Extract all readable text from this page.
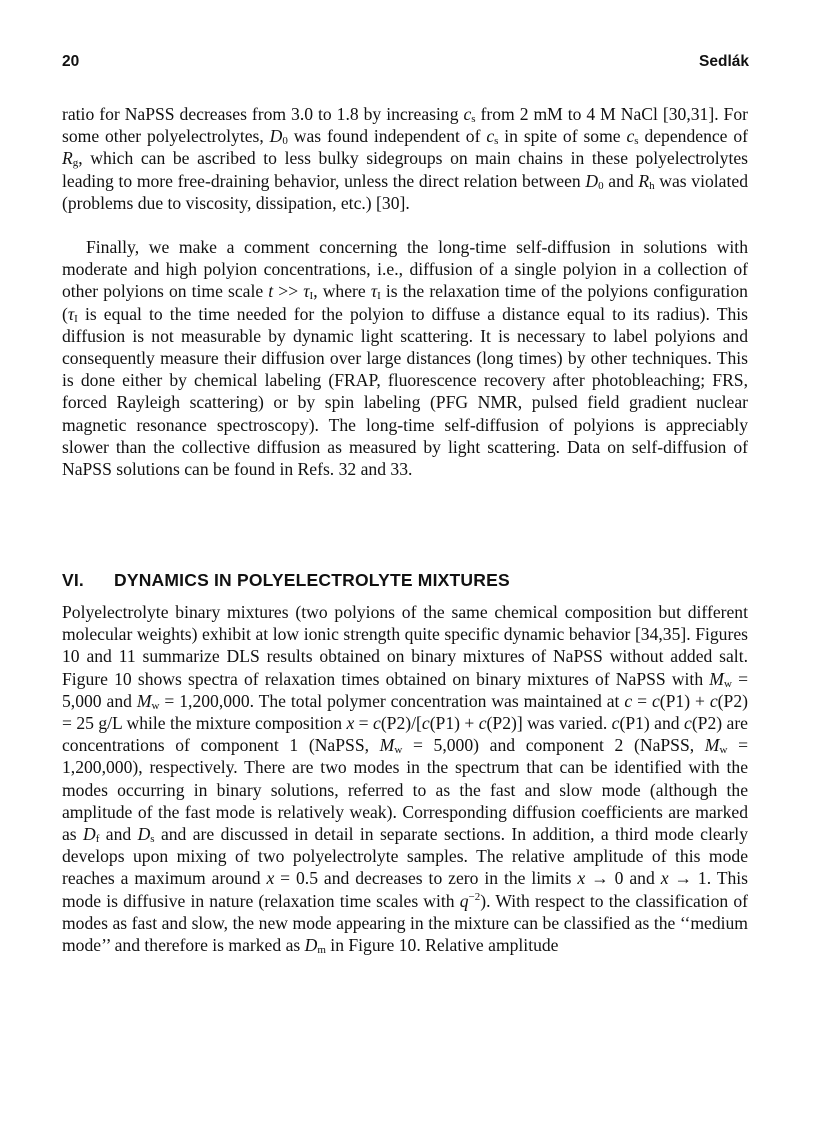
20	Sedlák

ratio for NaPSS decreases from 3.0 to 1.8 by increasing $c_s$ from 2 mM to 4 M NaCl [30,31]. For some other polyelectrolytes, $D_0$ was found independent of $c_s$ in spite of some $c_s$ dependence of $R_g$, which can be ascribed to less bulky sidegroups on main chains in these polyelectrolytes leading to more free-draining behavior, unless the direct relation between $D_0$ and $R_h$ was violated (problems due to viscosity, dissipation, etc.) [30].

Finally, we make a comment concerning the long-time self-diffusion in solutions with moderate and high polyion concentrations, i.e., diffusion of a single polyion in a collection of other polyions on time scale $t >> \tau_I$, where $\tau_I$ is the relaxation time of the polyions configuration ($\tau_I$ is equal to the time needed for the polyion to diffuse a distance equal to its radius). This diffusion is not measurable by dynamic light scattering. It is necessary to label polyions and consequently measure their diffusion over large distances (long times) by other techniques. This is done either by chemical labeling (FRAP, fluorescence recovery after photobleaching; FRS, forced Rayleigh scattering) or by spin labeling (PFG NMR, pulsed field gradient nuclear magnetic resonance spectroscopy). The long-time self-diffusion of polyions is appreciably slower than the collective diffusion as measured by light scattering. Data on self-diffusion of NaPSS solutions can be found in Refs. 32 and 33.

VI. DYNAMICS IN POLYELECTROLYTE MIXTURES

Polyelectrolyte binary mixtures (two polyions of the same chemical composition but different molecular weights) exhibit at low ionic strength quite specific dynamic behavior [34,35]. Figures 10 and 11 summarize DLS results obtained on binary mixtures of NaPSS without added salt. Figure 10 shows spectra of relaxation times obtained on binary mixtures of NaPSS with $M_w = 5,000$ and $M_w = 1,200,000$. The total polymer concentration was maintained at c = c(P1) + c(P2) = 25 g/L while the mixture composition x = c(P2)/[c(P1) + c(P2)] was varied. c(P1) and c(P2) are concentrations of component 1 (NaPSS, $M_w = 5,000$) and component 2 (NaPSS, $M_w = 1,200,000$), respectively. There are two modes in the spectrum that can be identified with the modes occurring in binary solutions, referred to as the fast and slow mode (although the amplitude of the fast mode is relatively weak). Corresponding diffusion coefficients are marked as $D_f$ and $D_s$ and are discussed in detail in separate sections. In addition, a third mode clearly develops upon mixing of two polyelectrolyte samples. The relative amplitude of this mode reaches a maximum around x = 0.5 and decreases to zero in the limits x → 0 and x → 1. This mode is diffusive in nature (relaxation time scales with $q^{-2}$). With respect to the classification of modes as fast and slow, the new mode appearing in the mixture can be classified as the ‘‘medium mode’’ and therefore is marked as $D_m$ in Figure 10. Relative amplitude
